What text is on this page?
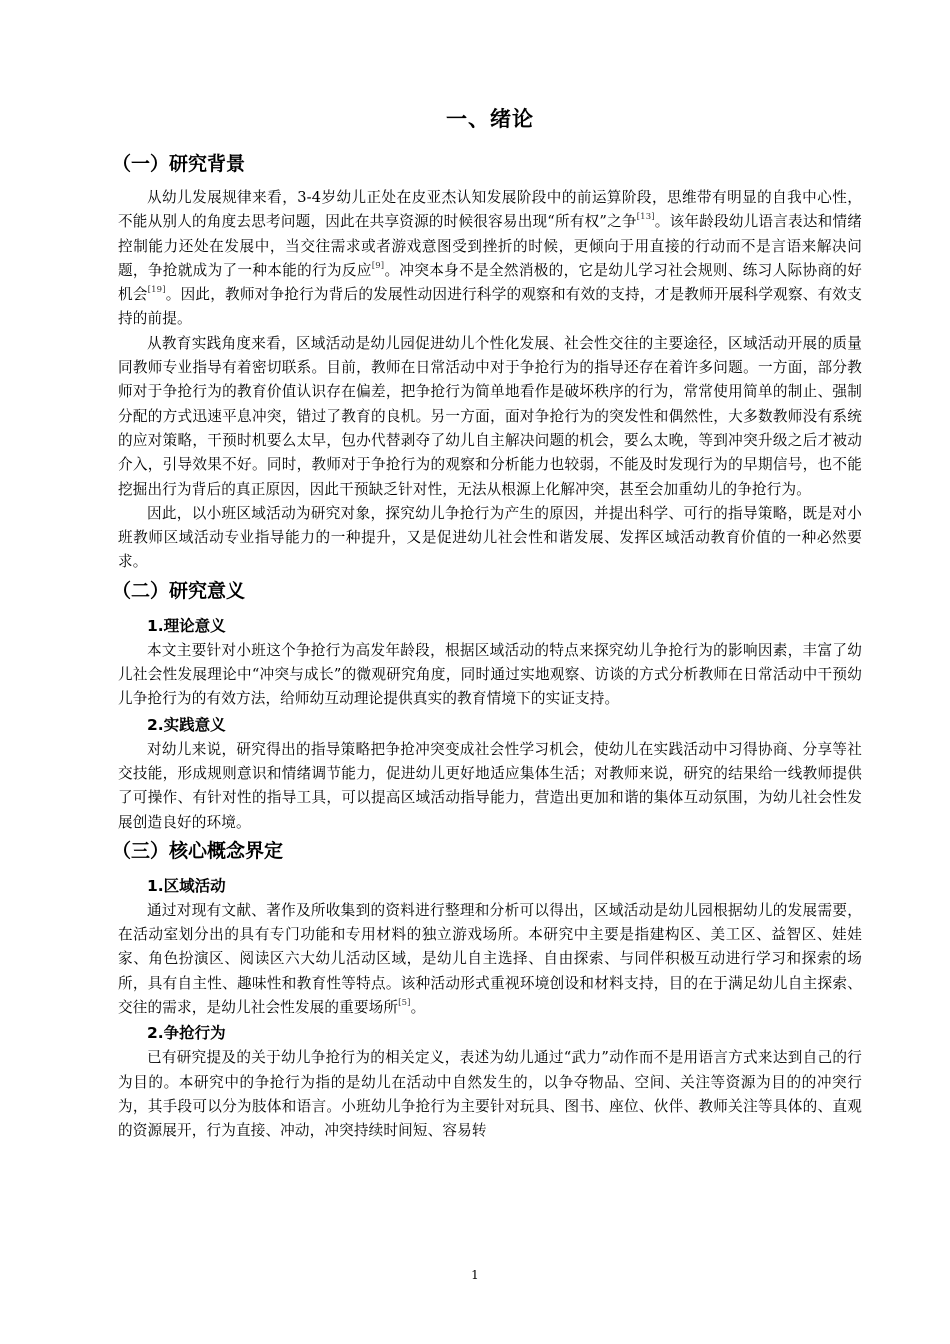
一、绪论
（一）研究背景

从幼儿发展规律来看，3-4岁幼儿正处在皮亚杰认知发展阶段中的前运算阶段，思维带有明显的自我中心性，不能从别人的角度去思考问题，因此在共享资源的时候很容易出现“所有权”之争[13]。该年龄段幼儿语言表达和情绪控制能力还处在发展中，当交往需求或者游戏意图受到挫折的时候，更倾向于用直接的行动而不是言语来解决问题，争抢就成为了一种本能的行为反应[9]。冲突本身不是全然消极的，它是幼儿学习社会规则、练习人际协商的好机会[19]。因此，教师对争抢行为背后的发展性动因进行科学的观察和有效的支持，才是教师开展科学观察、有效支持的前提。

从教育实践角度来看，区域活动是幼儿园促进幼儿个性化发展、社会性交往的主要途径，区域活动开展的质量同教师专业指导有着密切联系。目前，教师在日常活动中对于争抢行为的指导还存在着许多问题。一方面，部分教师对于争抢行为的教育价值认识存在偏差，把争抢行为简单地看作是破坏秩序的行为，常常使用简单的制止、强制分配的方式迅速平息冲突，错过了教育的良机。另一方面，面对争抢行为的突发性和偶然性，大多数教师没有系统的应对策略，干预时机要么太早，包办代替剥夺了幼儿自主解决问题的机会，要么太晚，等到冲突升级之后才被动介入，引导效果不好。同时，教师对于争抢行为的观察和分析能力也较弱，不能及时发现行为的早期信号，也不能挖掘出行为背后的真正原因，因此干预缺乏针对性，无法从根源上化解冲突，甚至会加重幼儿的争抢行为。

因此，以小班区域活动为研究对象，探究幼儿争抢行为产生的原因，并提出科学、可行的指导策略，既是对小班教师区域活动专业指导能力的一种提升，又是促进幼儿社会性和谐发展、发挥区域活动教育价值的一种必然要求。

（二）研究意义
1.理论意义

本文主要针对小班这个争抢行为高发年龄段，根据区域活动的特点来探究幼儿争抢行为的影响因素，丰富了幼儿社会性发展理论中“冲突与成长”的微观研究角度，同时通过实地观察、访谈的方式分析教师在日常活动中干预幼儿争抢行为的有效方法，给师幼互动理论提供真实的教育情境下的实证支持。

2.实践意义

对幼儿来说，研究得出的指导策略把争抢冲突变成社会性学习机会，使幼儿在实践活动中习得协商、分享等社交技能，形成规则意识和情绪调节能力，促进幼儿更好地适应集体生活；对教师来说，研究的结果给一线教师提供了可操作、有针对性的指导工具，可以提高区域活动指导能力，营造出更加和谐的集体互动氛围，为幼儿社会性发展创造良好的环境。

（三）核心概念界定
1.区域活动

通过对现有文献、著作及所收集到的资料进行整理和分析可以得出，区域活动是幼儿园根据幼儿的发展需要，在活动室划分出的具有专门功能和专用材料的独立游戏场所。本研究中主要是指建构区、美工区、益智区、娃娃家、角色扮演区、阅读区六大幼儿活动区域，是幼儿自主选择、自由探索、与同伴积极互动进行学习和探索的场所，具有自主性、趣味性和教育性等特点。该种活动形式重视环境创设和材料支持，目的在于满足幼儿自主探索、交往的需求，是幼儿社会性发展的重要场所[5]。

2.争抢行为

已有研究提及的关于幼儿争抢行为的相关定义，表述为幼儿通过“武力”动作而不是用语言方式来达到自己的行为目的。本研究中的争抢行为指的是幼儿在活动中自然发生的，以争夺物品、空间、关注等资源为目的的冲突行为，其手段可以分为肢体和语言。小班幼儿争抢行为主要针对玩具、图书、座位、伙伴、教师关注等具体的、直观的资源展开，行为直接、冲动，冲突持续时间短、容易转

1
